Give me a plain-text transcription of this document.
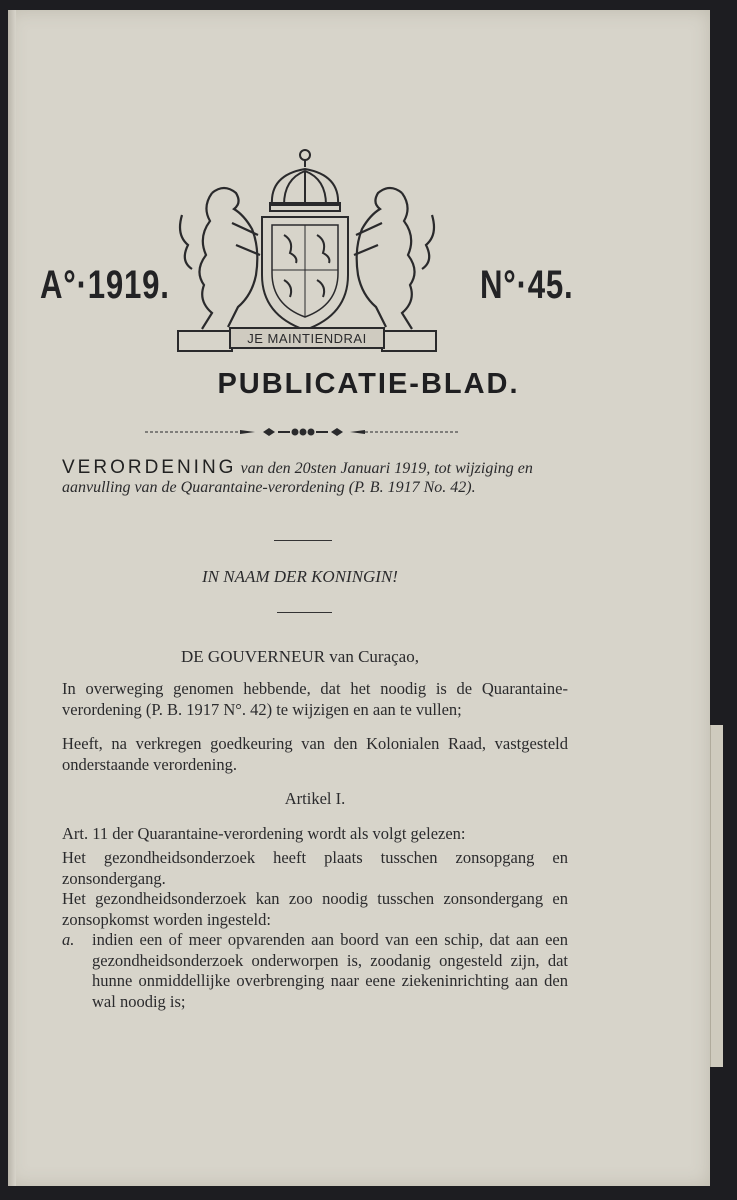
A°·1919.	N°·45.
JE MAINTIENDRAI
PUBLICATIE-BLAD.
VERORDENING van den 20sten Januari 1919, tot wijziging en aanvulling van de Quarantaine-verordening (P. B. 1917 No. 42).
IN NAAM DER KONINGIN!
DE GOUVERNEUR van Curaçao,

In overweging genomen hebbende, dat het noodig is de Quarantaine-verordening (P. B. 1917 N°. 42) te wijzigen en aan te vullen;

Heeft, na verkregen goedkeuring van den Kolonialen Raad, vastgesteld onderstaande verordening.

Artikel I.

Art. 11 der Quarantaine-verordening wordt als volgt gelezen:

Het gezondheidsonderzoek heeft plaats tusschen zonsopgang en zonsondergang.

Het gezondheidsonderzoek kan zoo noodig tusschen zonsondergang en zonsopkomst worden ingesteld:

a.	indien een of meer opvarenden aan boord van een schip, dat aan een gezondheidsonderzoek onderworpen is, zoodanig ongesteld zijn, dat hunne onmiddellijke overbrenging naar eene ziekeninrichting aan den wal noodig is;
